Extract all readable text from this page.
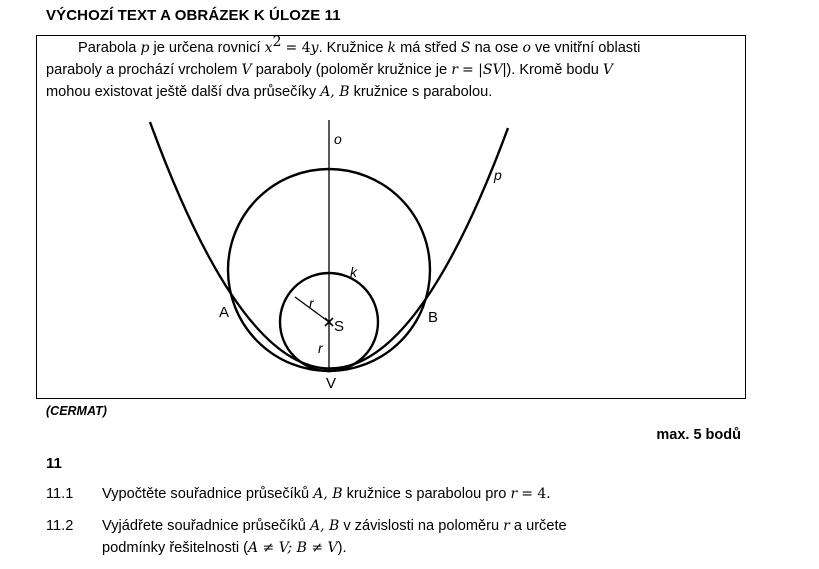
VÝCHOZÍ TEXT A OBRÁZEK K ÚLOZE 11
Parabola p je určena rovnicí $x^2 = 4y$. Kružnice k má střed S na ose o ve vnitřní oblasti
paraboly a prochází vrcholem V paraboly (poloměr kružnice je r = |SV|). Kromě bodu V
mohou existovat ještě další dva průsečíky A, B kružnice s parabolou.
o
p
k
A	B
S
r
r
V
(CERMAT)
max. 5 bodů
11
11.1 Vypočtěte souřadnice průsečíků A, B kružnice s parabolou pro r = 4.
11.2 Vyjádřete souřadnice průsečíků A, B v závislosti na poloměru r a určete
podmínky řešitelnosti (A ≠ V; B ≠ V).
